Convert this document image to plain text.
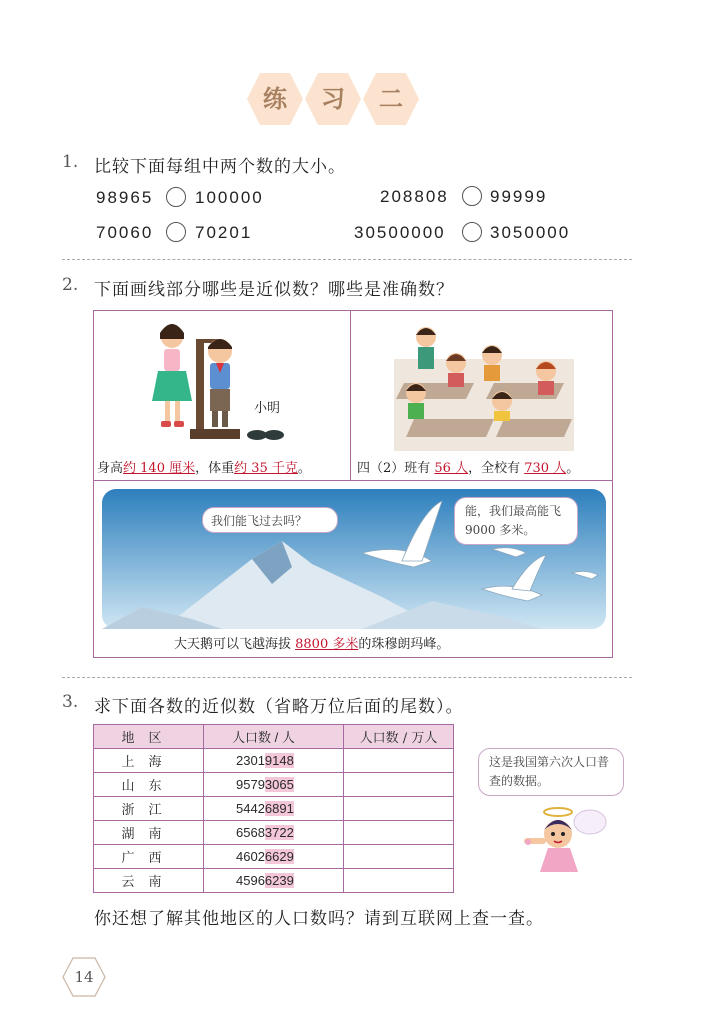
练	习	二
1. 比较下面每组中两个数的大小。
98965 100000	208808 99999
70060 70201	30500000	3050000
2. 下面画线部分哪些是近似数？哪些是准确数？
小明
身高约 140 厘米，体重约 35 千克。	四（2）班有 56 人，全校有 730 人。
我们能飞过去吗？
能，我们最高能飞 9000 多米。
大天鹅可以飞越海拔 8800 多米的珠穆朗玛峰。
3. 求下面各数的近似数（省略万位后面的尾数）。
地区	人口数 / 人	人口数 / 万人
上海	23019148	
山东	95793065	
浙江	54426891	
湖南	65683722	
广西	46026629	
云南	45966239	
这是我国第六次人口普查的数据。
你还想了解其他地区的人口数吗？请到互联网上查一查。
14
